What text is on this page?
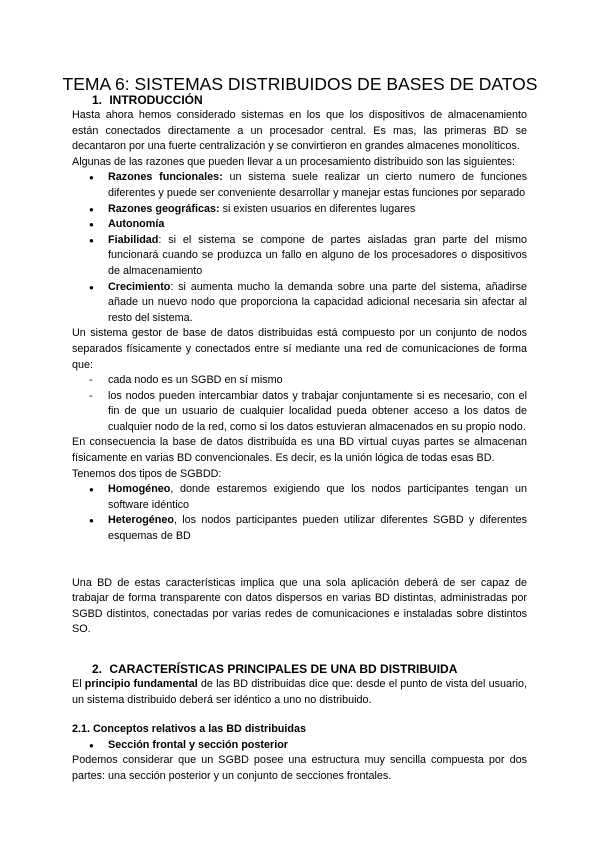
TEMA 6: SISTEMAS DISTRIBUIDOS DE BASES DE DATOS
1. INTRODUCCIÓN

Hasta ahora hemos considerado sistemas en los que los dispositivos de almacenamiento están conectados directamente a un procesador central. Es mas, las primeras BD se decantaron por una fuerte centralización y se convirtieron en grandes almacenes monolíticos.

Algunas de las razones que pueden llevar a un procesamiento distribuido son las siguientes:

● Razones funcionales: un sistema suele realizar un cierto numero de funciones diferentes y puede ser conveniente desarrollar y manejar estas funciones por separado
● Razones geográficas: si existen usuarios en diferentes lugares
● Autonomía
● Fiabilidad: si el sistema se compone de partes aisladas gran parte del mismo funcionará cuando se produzca un fallo en alguno de los procesadores o dispositivos de almacenamiento
● Crecimiento: si aumenta mucho la demanda sobre una parte del sistema, añadirse añade un nuevo nodo que proporciona la capacidad adicional necesaria sin afectar al resto del sistema.

Un sistema gestor de base de datos distribuidas está compuesto por un conjunto de nodos separados físicamente y conectados entre sí mediante una red de comunicaciones de forma que:

- cada nodo es un SGBD en sí mismo
- los nodos pueden intercambiar datos y trabajar conjuntamente si es necesario, con el fin de que un usuario de cualquier localidad pueda obtener acceso a los datos de cualquier nodo de la red, como si los datos estuvieran almacenados en su propio nodo.

En consecuencia la base de datos distribuida es una BD virtual cuyas partes se almacenan físicamente en varias BD convencionales. Es decir, es la unión lógica de todas esas BD.

Tenemos dos tipos de SGBDD:

● Homogéneo, donde estaremos exigiendo que los nodos participantes tengan un software idéntico
● Heterogéneo, los nodos participantes pueden utilizar diferentes SGBD y diferentes esquemas de BD

Una BD de estas características implica que una sola aplicación deberá de ser capaz de trabajar de forma transparente con datos dispersos en varias BD distintas, administradas por SGBD distintos, conectadas por varias redes de comunicaciones e instaladas sobre distintos SO.

2. CARACTERÍSTICAS PRINCIPALES DE UNA BD DISTRIBUIDA

El principio fundamental de las BD distribuidas dice que: desde el punto de vista del usuario, un sistema distribuido deberá ser idéntico a uno no distribuido.

2.1. Conceptos relativos a las BD distribuidas

● Sección frontal y sección posterior

Podemos considerar que un SGBD posee una estructura muy sencilla compuesta por dos partes: una sección posterior y un conjunto de secciones frontales.
